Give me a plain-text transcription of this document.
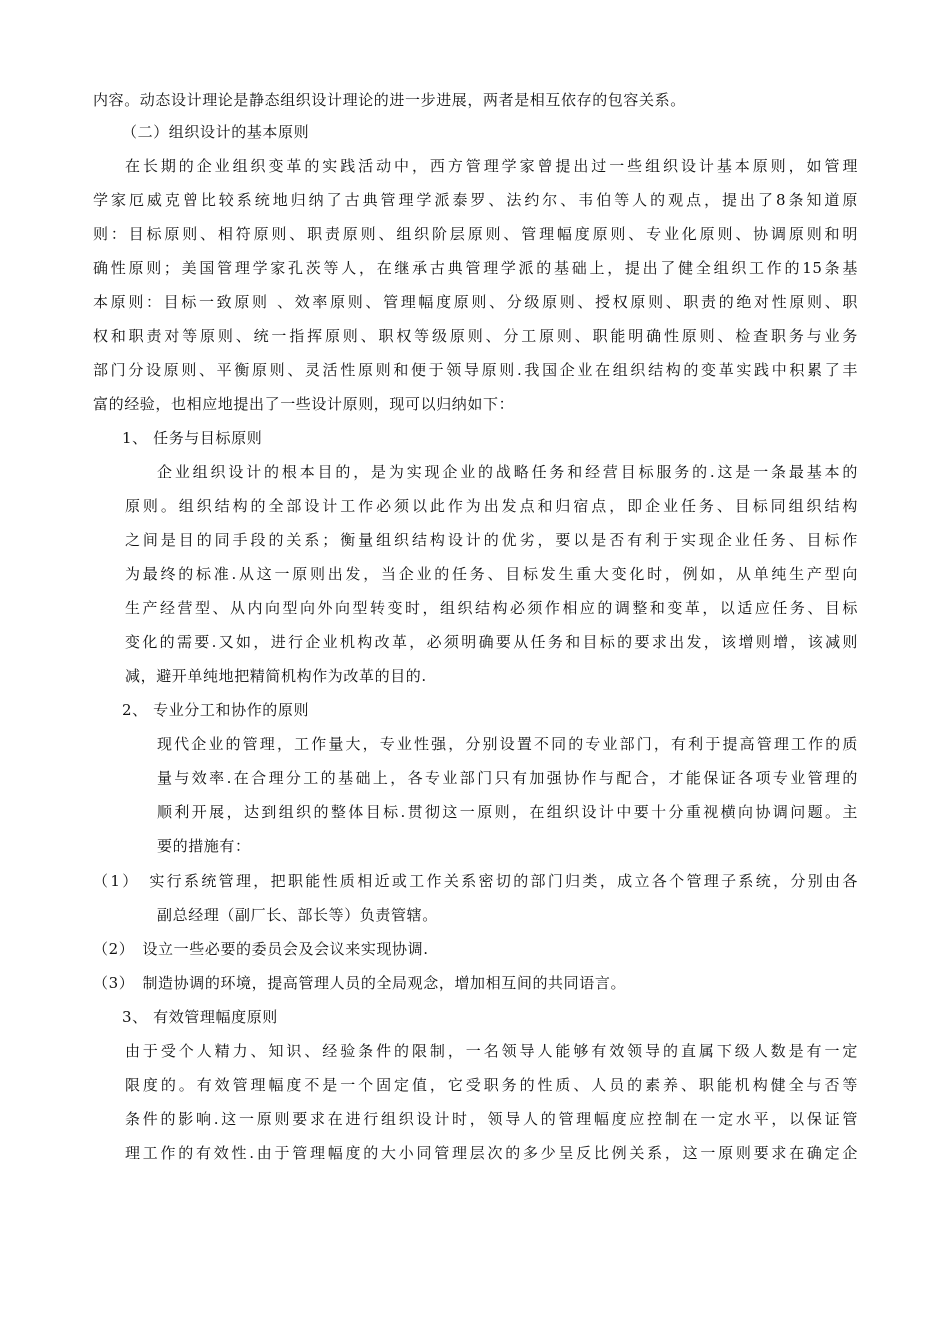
内容。动态设计理论是静态组织设计理论的进一步进展，两者是相互依存的包容关系。
（二）组织设计的基本原则
在长期的企业组织变革的实践活动中，西方管理学家曾提出过一些组织设计基本原则，如管理
学家厄威克曾比较系统地归纳了古典管理学派泰罗、法约尔、韦伯等人的观点，提出了8条知道原
则：目标原则、相符原则、职责原则、组织阶层原则、管理幅度原则、专业化原则、协调原则和明
确性原则；美国管理学家孔茨等人，在继承古典管理学派的基础上，提出了健全组织工作的15条基
本原则：目标一致原则 、效率原则、管理幅度原则、分级原则、授权原则、职责的绝对性原则、职
权和职责对等原则、统一指挥原则、职权等级原则、分工原则、职能明确性原则、检查职务与业务
部门分设原则、平衡原则、灵活性原则和便于领导原则.我国企业在组织结构的变革实践中积累了丰
富的经验，也相应地提出了一些设计原则，现可以归纳如下：
1、 任务与目标原则
企业组织设计的根本目的，是为实现企业的战略任务和经营目标服务的.这是一条最基本的
原则。组织结构的全部设计工作必须以此作为出发点和归宿点，即企业任务、目标同组织结构
之间是目的同手段的关系；衡量组织结构设计的优劣，要以是否有利于实现企业任务、目标作
为最终的标准.从这一原则出发，当企业的任务、目标发生重大变化时，例如，从单纯生产型向
生产经营型、从内向型向外向型转变时，组织结构必须作相应的调整和变革，以适应任务、目标
变化的需要.又如，进行企业机构改革，必须明确要从任务和目标的要求出发，该增则增，该减则
减，避开单纯地把精简机构作为改革的目的.
2、 专业分工和协作的原则
现代企业的管理，工作量大，专业性强，分别设置不同的专业部门，有利于提高管理工作的质
量与效率.在合理分工的基础上，各专业部门只有加强协作与配合，才能保证各项专业管理的
顺利开展，达到组织的整体目标.贯彻这一原则，在组织设计中要十分重视横向协调问题。主
要的措施有：
（1）　实行系统管理，把职能性质相近或工作关系密切的部门归类，成立各个管理子系统，分别由各
副总经理（副厂长、部长等）负责管辖。
（2）　设立一些必要的委员会及会议来实现协调.
（3）　制造协调的环境，提高管理人员的全局观念，增加相互间的共同语言。
3、 有效管理幅度原则
由于受个人精力、知识、经验条件的限制，一名领导人能够有效领导的直属下级人数是有一定
限度的。有效管理幅度不是一个固定值，它受职务的性质、人员的素养、职能机构健全与否等
条件的影响.这一原则要求在进行组织设计时，领导人的管理幅度应控制在一定水平，以保证管
理工作的有效性.由于管理幅度的大小同管理层次的多少呈反比例关系，这一原则要求在确定企
